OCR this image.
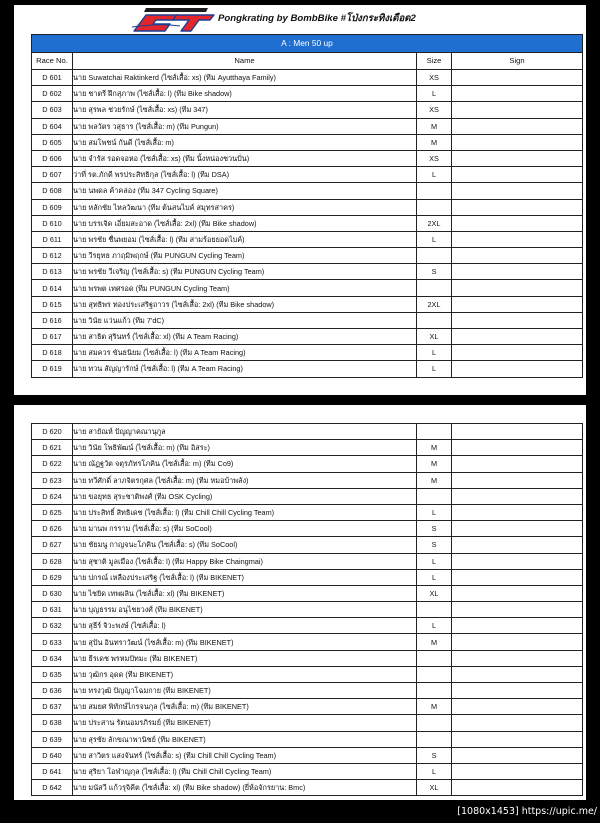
Pongkrating by BombBike #โป่งกระทิงเดือด2
A : Men 50 up			
Race No.	Name	Size	Sign
D 601	นาย Suwatchai Raktinkerd (ไซส์เสื้อ: xs) (ทีม Ayutthaya Family)	XS	
D 602	นาย ชาตรี ฝึกสุภาพ (ไซส์เสื้อ: l) (ทีม Bike shadow)	L	
D 603	นาย สุรพล ช่วยรักษ์ (ไซส์เสื้อ: xs) (ทีม 347)	XS	
D 604	นาย พลวัตร วสุธาร (ไซส์เสื้อ: m) (ทีม Pungun)	M	
D 605	นาย สมโพชน์ กันดี (ไซส์เสื้อ: m)	M	
D 606	นาย จำรัส รอดจอหอ (ไซส์เสื้อ: xs) (ทีม นิ้งหน่องชวนปั่น)	XS	
D 607	ว่าที่ รต.ภักดี พรประสิทธิกุล (ไซส์เสื้อ: l) (ทีม DSA)	L	
D 608	นาย นพดล ค้าคล่อง (ทีม 347 Cycling Square)		
D 609	นาย หลักชัย ไหลวัฒนา (ทีม ต้นสนไบค์ สมุทรสาคร)		
D 610	นาย บรรเจิด เอี่ยมสะอาด (ไซส์เสื้อ: 2xl) (ทีม Bike shadow)	2XL	
D 611	นาย พรชัย ชื่นพยอม (ไซส์เสื้อ: l) (ทีม สามร้อยยอดไบค์)	L	
D 612	นาย วีรยุทธ ภาฤมิพฤกษ์ (ทีม PUNGUN Cycling Team)		
D 613	นาย พรชัย วีเจริญ (ไซส์เสื้อ: s) (ทีม PUNGUN Cycling Team)	S	
D 614	นาย พรพต เทศรอด (ทีม PUNGUN Cycling Team)		
D 615	นาย สุทธิพร ทองประเสริฐถาวร (ไซส์เสื้อ: 2xl) (ทีม Bike shadow)	2XL	
D 616	นาย วินัย แว่นแก้ว (ทีม 7'dC)		
D 617	นาย สาธิต สุรินทร์ (ไซส์เสื้อ: xl) (ทีม A Team Racing)	XL	
D 618	นาย สมควร ขันธนิยม (ไซส์เสื้อ: l) (ทีม A Team Racing)	L	
D 619	นาย ทวน สัญญารักษ์ (ไซส์เสื้อ: l) (ทีม A Team Racing)	L	
D 620	นาย สายัณห์ ปัญญาคณานุกูล		
D 621	นาย วินัย โพธิพัฒน์ (ไซส์เสื้อ: m) (ทีม อิสระ)	M	
D 622	นาย ณัฏฐวัต จตุรภัทรโภคิน (ไซส์เสื้อ: m) (ทีม Co9)	M	
D 623	นาย ทวีศักดิ์ ลาภจิตรกุศล (ไซส์เสื้อ: m) (ทีม หมอบ้าพลัง)	M	
D 624	นาย ขอยุทธ สุระชาติพงศ์ (ทีม OSK Cycling)		
D 625	นาย ประสิทธิ์ สิทธิเดช (ไซส์เสื้อ: l) (ทีม Chill Chill Cycling Team)	L	
D 626	นาย มานพ กรราม (ไซส์เสื้อ: s) (ทีม SoCool)	S	
D 627	นาย ชัยมนู กาญจนะโภคิน (ไซส์เสื้อ: s) (ทีม SoCool)	S	
D 628	นาย สุชาติ มูลเมือง (ไซส์เสื้อ: l) (ทีม Happy Bike Chaingmai)	L	
D 629	นาย ปกรณ์ เหลืองประเสริฐ (ไซส์เสื้อ: l) (ทีม BIKENET)	L	
D 630	นาย ไชยิด เทพผลิน (ไซส์เสื้อ: xl) (ทีม BIKENET)	XL	
D 631	นาย บุญธรรม อนุไชยวงศ์ (ทีม BIKENET)		
D 632	นาย สุธีร์ จิวะพงษ์ (ไซส์เสื้อ: l)	L	
D 633	นาย สุปัน อินทราวัฒน์ (ไซส์เสื้อ: m) (ทีม BIKENET)	M	
D 634	นาย ธีรเดช พรหมปัทมะ (ทีม BIKENET)		
D 635	นาย วุฒิกร อุดด (ทีม BIKENET)		
D 636	นาย ทรงวุฒิ ปัญญาโฉมกาย (ทีม BIKENET)		
D 637	นาย สมยศ พิทักษ์ไกรจนกุล (ไซส์เสื้อ: m) (ทีม BIKENET)	M	
D 638	นาย ประสาน รัตนอมรภิรมย์ (ทีม BIKENET)		
D 639	นาย สุรชัย ลักขณาพานิชย์ (ทีม BIKENET)		
D 640	นาย สาวิตร แสงจันทร์ (ไซส์เสื้อ: s) (ทีม Chill Chill Cycling Team)	S	
D 641	นาย สุริยา โอฬาญกุล (ไซส์เสื้อ: l) (ทีม Chill Chill Cycling Team)	L	
D 642	นาย มนัสวี แก้วรุจิคีต (ไซส์เสื้อ: xl) (ทีม Bike shadow) (ยี่ห้อจักรยาน: Bmc)	XL	
[1080x1453] https://upic.me/
